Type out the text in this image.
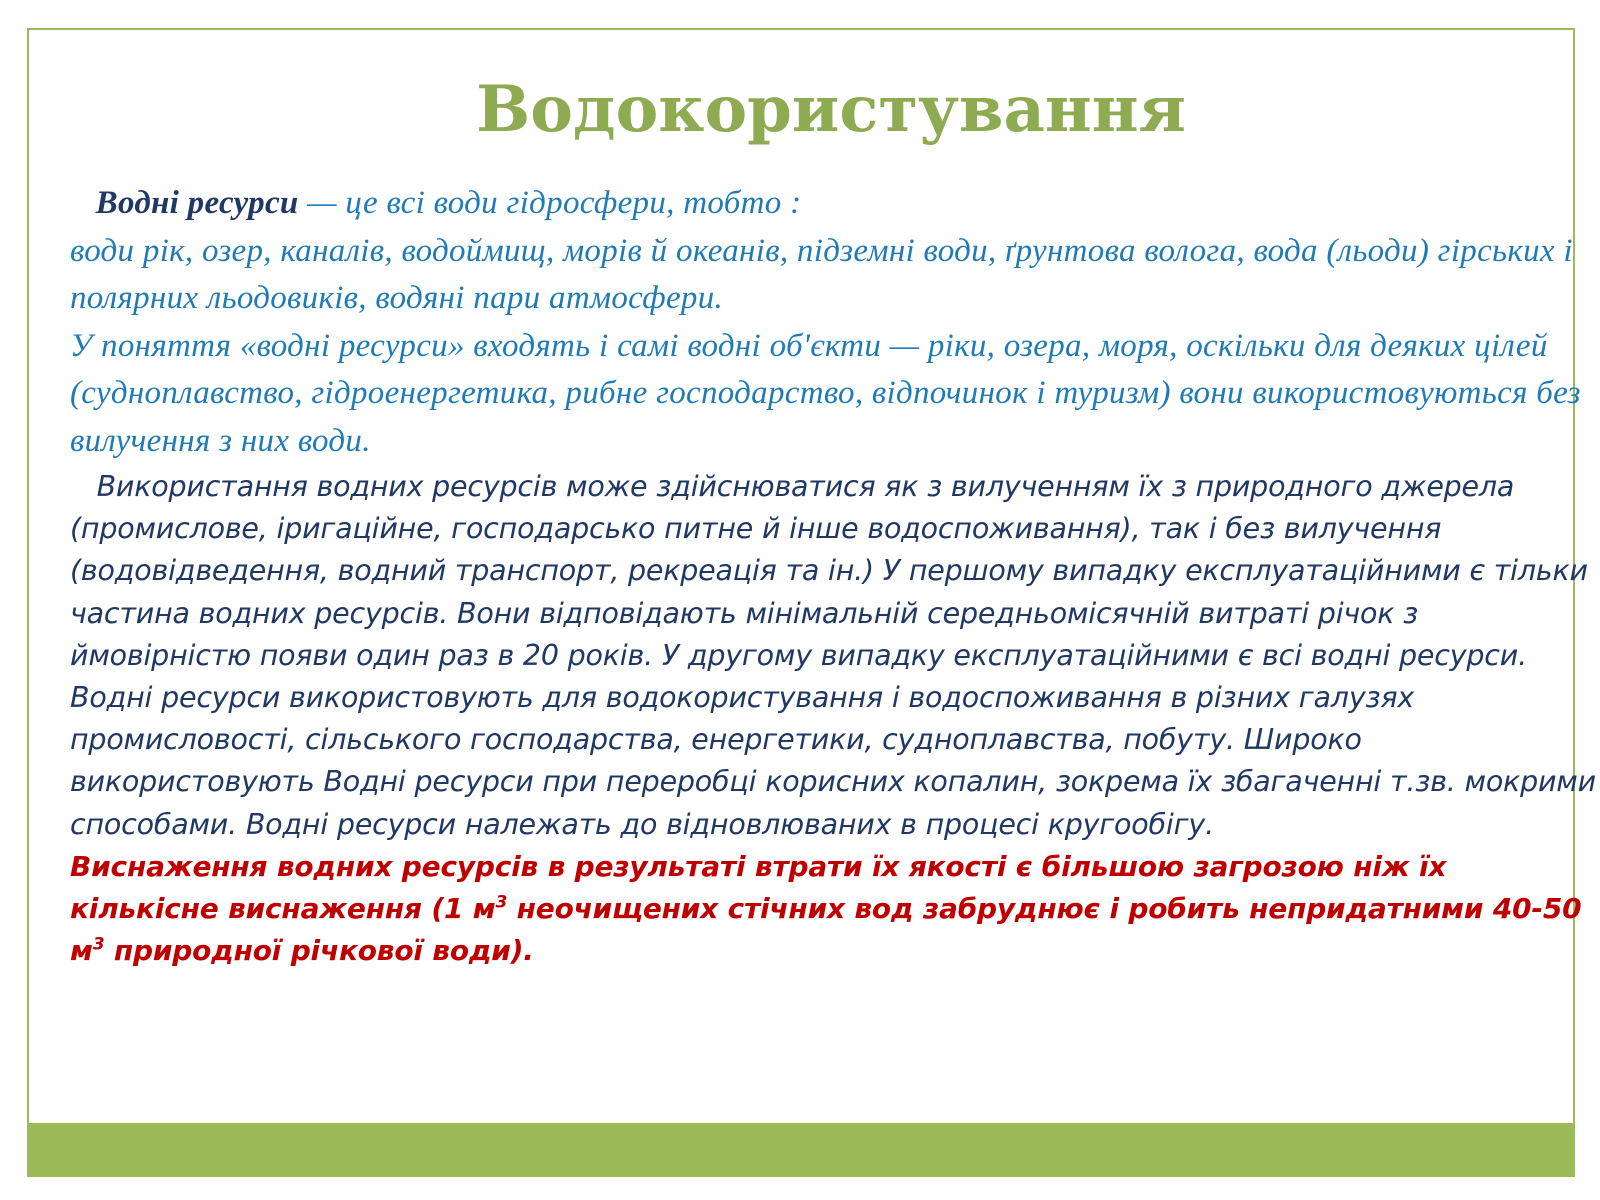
Водокористування

Водні ресурси — це всі води гідросфери, тобто :

води рік, озер, каналів, водоймищ, морів й океанів, підземні води, ґрунтова волога, вода (льоди) гірських і полярних льодовиків, водяні пари атмосфери.

У поняття «водні ресурси» входять і самі водні об'єкти — ріки, озера, моря, оскільки для деяких цілей (судноплавство, гідроенергетика, рибне господарство, відпочинок і туризм) вони використовуються без вилучення з них води.

Використання водних ресурсів може здійснюватися як з вилученням їх з природного джерела (промислове, іригаційне, господарсько питне й інше водоспоживання), так і без вилучення (водовідведення, водний транспорт, рекреація та ін.) У першому випадку експлуатаційними є тільки частина водних ресурсів. Вони відповідають мінімальній середньомісячній витраті річок з ймовірністю появи один раз в 20 років. У другому випадку експлуатаційними є всі водні ресурси.

Водні ресурси використовують для водокористування і водоспоживання в різних галузях промисловості, сільського господарства, енергетики, судноплавства, побуту. Широко використовують Водні ресурси при переробці корисних копалин, зокрема їх збагаченні т.зв. мокрими способами. Водні ресурси належать до відновлюваних в процесі кругообігу.

Виснаження водних ресурсів в результаті втрати їх якості є більшою загрозою ніж їх кількісне виснаження (1 $м^3$ неочищених стічних вод забруднює і робить непридатними 40-50 $м^3$ природної річкової води).
